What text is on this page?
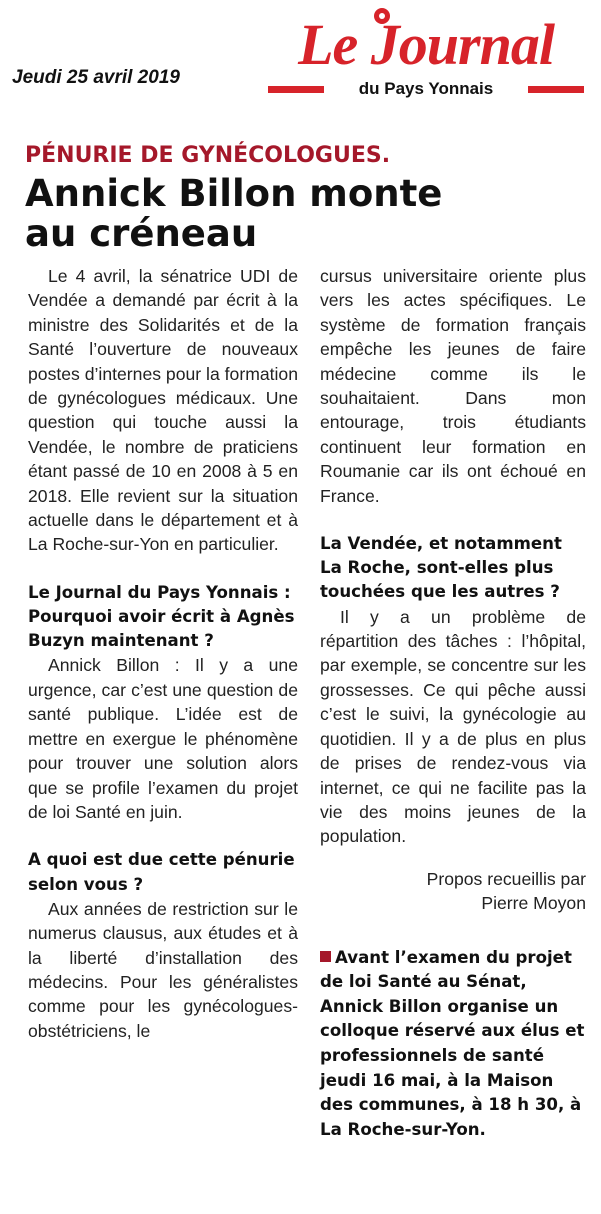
Jeudi 25 avril 2019
Le Journal
du Pays Yonnais
PÉNURIE DE GYNÉCOLOGUES.
Annick Billon monte
au créneau

Le 4 avril, la sénatrice UDI de Vendée a demandé par écrit à la ministre des Solidarités et de la Santé l’ouverture de nouveaux postes d’internes pour la formation de gynécologues médicaux. Une question qui touche aussi la Vendée, le nombre de praticiens étant passé de 10 en 2008 à 5 en 2018. Elle revient sur la situation actuelle dans le département et à La Roche-sur-Yon en particulier.

Le Journal du Pays Yonnais : Pourquoi avoir écrit à Agnès Buzyn maintenant ?

Annick Billon : Il y a une urgence, car c’est une question de santé publique. L’idée est de mettre en exergue le phénomène pour trouver une solution alors que se profile l’examen du projet de loi Santé en juin.

A quoi est due cette pénurie selon vous ?

Aux années de restriction sur le numerus clausus, aux études et à la liberté d’installation des médecins. Pour les généralistes comme pour les gynécologues-obstétriciens, le

cursus universitaire oriente plus vers les actes spécifiques. Le système de formation français empêche les jeunes de faire médecine comme ils le souhaitaient. Dans mon entourage, trois étudiants continuent leur formation en Roumanie car ils ont échoué en France.

La Vendée, et notamment La Roche, sont-elles plus touchées que les autres ?

Il y a un problème de répartition des tâches : l’hôpital, par exemple, se concentre sur les grossesses. Ce qui pêche aussi c’est le suivi, la gynécologie au quotidien. Il y a de plus en plus de prises de rendez-vous via internet, ce qui ne facilite pas la vie des moins jeunes de la population.

Propos recueillis par

Pierre Moyon

Avant l’examen du projet de loi Santé au Sénat, Annick Billon organise un colloque réservé aux élus et professionnels de santé jeudi 16 mai, à la Maison des communes, à 18 h 30, à La Roche-sur-Yon.
